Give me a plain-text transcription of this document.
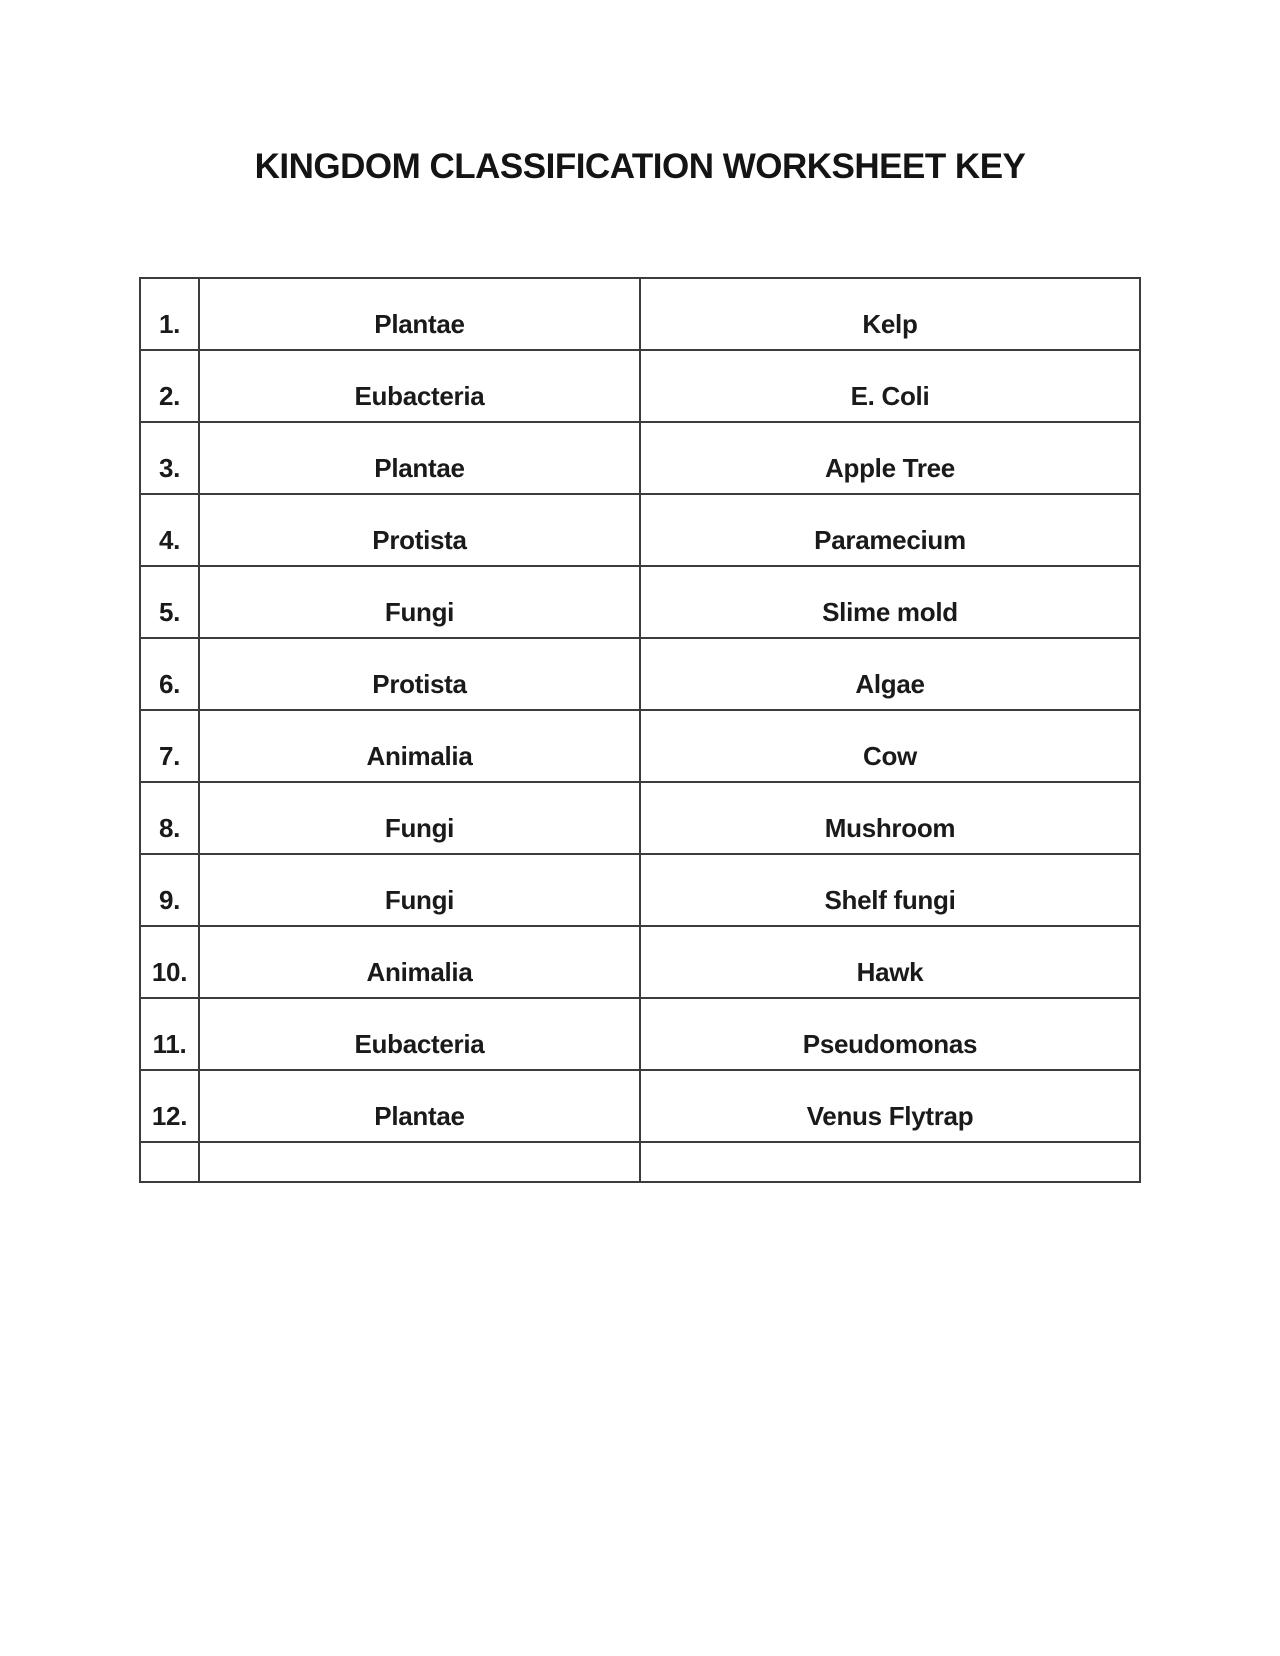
KINGDOM CLASSIFICATION WORKSHEET KEY
1.	Plantae	Kelp
2.	Eubacteria	E. Coli
3.	Plantae	Apple Tree
4.	Protista	Paramecium
5.	Fungi	Slime mold
6.	Protista	Algae
7.	Animalia	Cow
8.	Fungi	Mushroom
9.	Fungi	Shelf fungi
10.	Animalia	Hawk
11.	Eubacteria	Pseudomonas
12.	Plantae	Venus Flytrap
